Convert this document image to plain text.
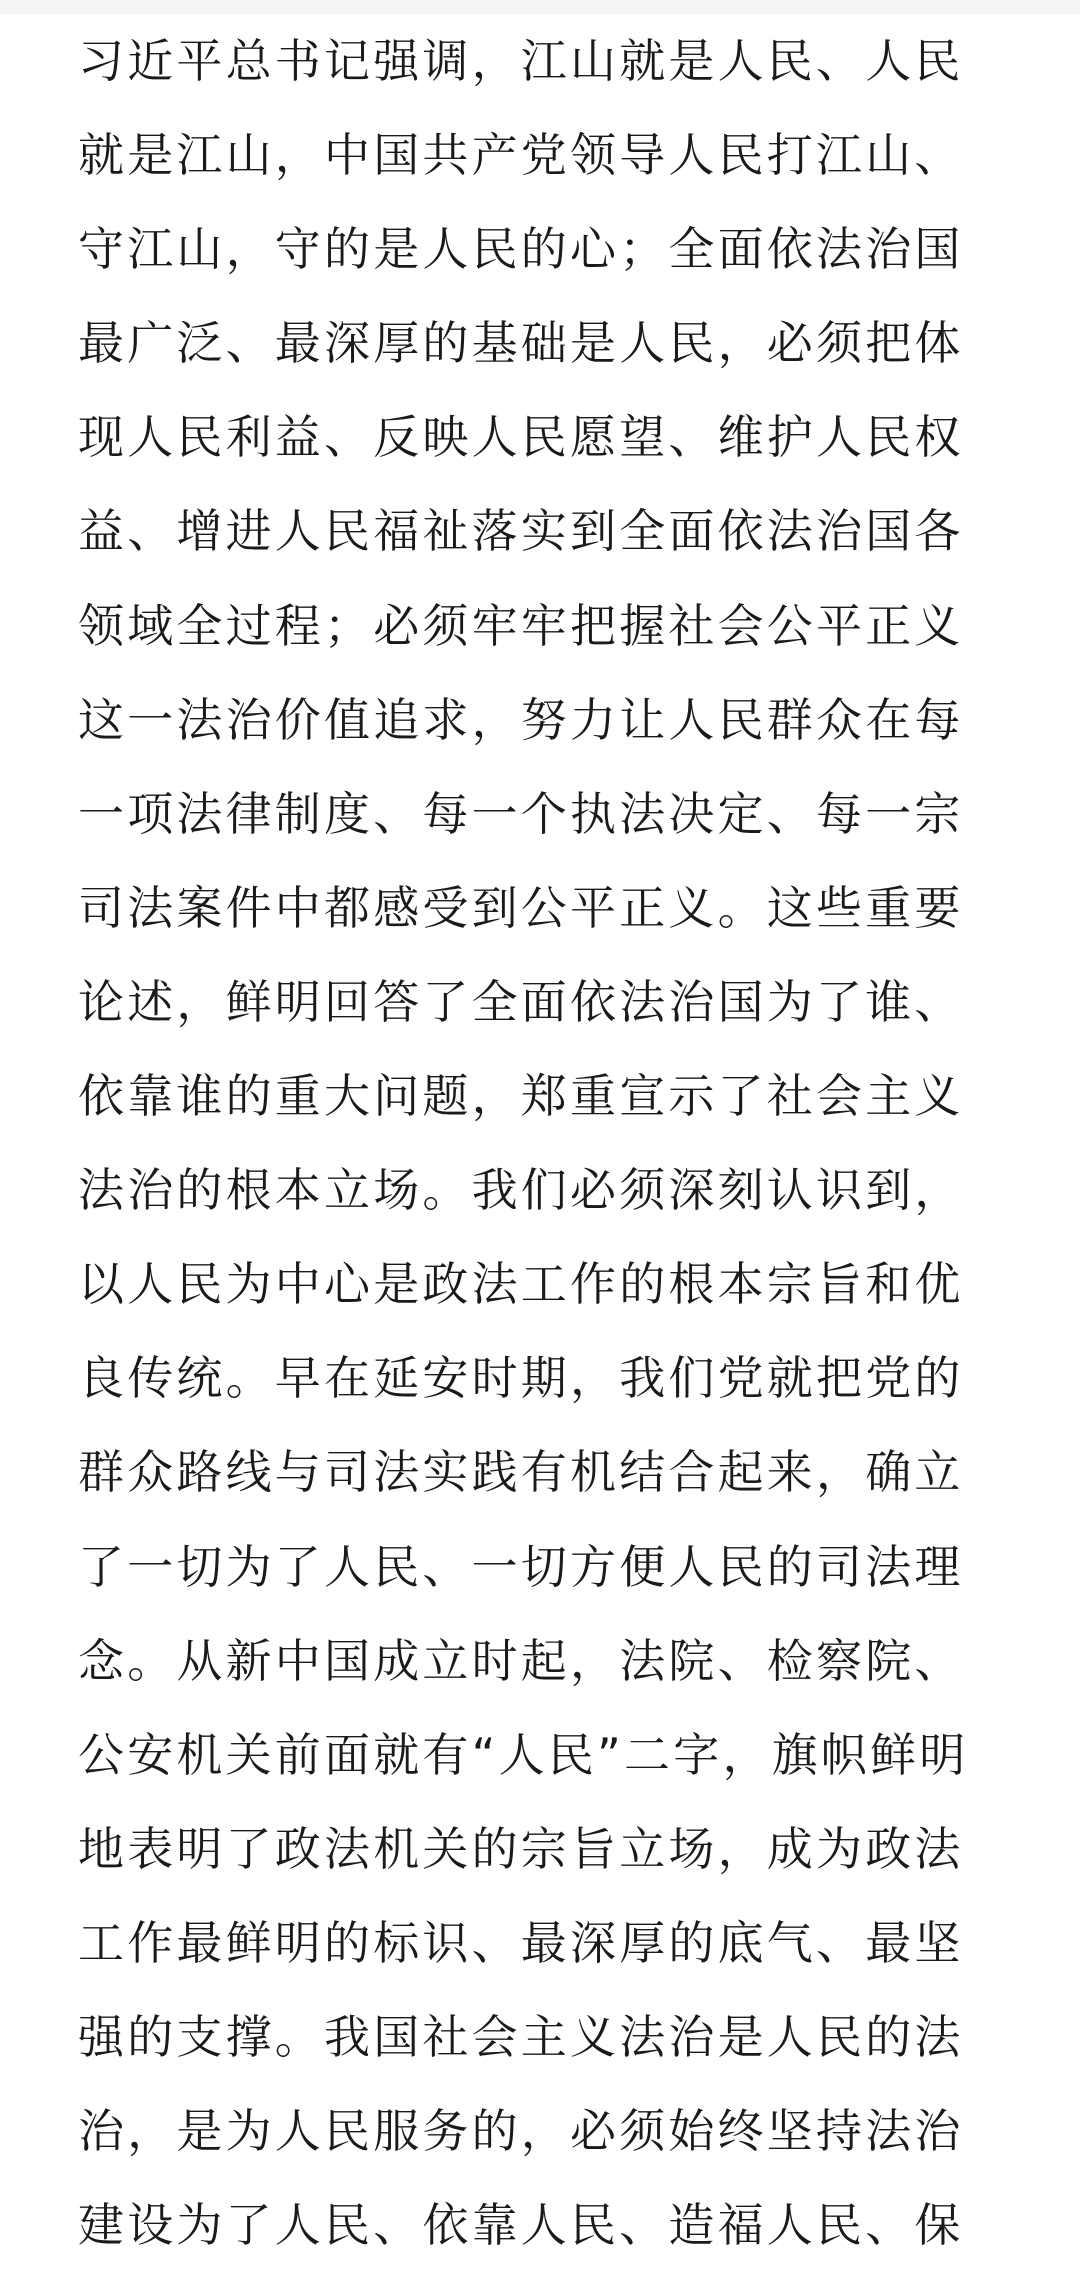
习近平总书记强调，江山就是人民、人民
就是江山，中国共产党领导人民打江山、
守江山，守的是人民的心；全面依法治国
最广泛、最深厚的基础是人民，必须把体
现人民利益、反映人民愿望、维护人民权
益、增进人民福祉落实到全面依法治国各
领域全过程；必须牢牢把握社会公平正义
这一法治价值追求，努力让人民群众在每
一项法律制度、每一个执法决定、每一宗
司法案件中都感受到公平正义。这些重要
论述，鲜明回答了全面依法治国为了谁、
依靠谁的重大问题，郑重宣示了社会主义
法治的根本立场。我们必须深刻认识到，
以人民为中心是政法工作的根本宗旨和优
良传统。早在延安时期，我们党就把党的
群众路线与司法实践有机结合起来，确立
了一切为了人民、一切方便人民的司法理
念。从新中国成立时起，法院、检察院、
公安机关前面就有“人民”二字，旗帜鲜明
地表明了政法机关的宗旨立场，成为政法
工作最鲜明的标识、最深厚的底气、最坚
强的支撑。我国社会主义法治是人民的法
治，是为人民服务的，必须始终坚持法治
建设为了人民、依靠人民、造福人民、保
